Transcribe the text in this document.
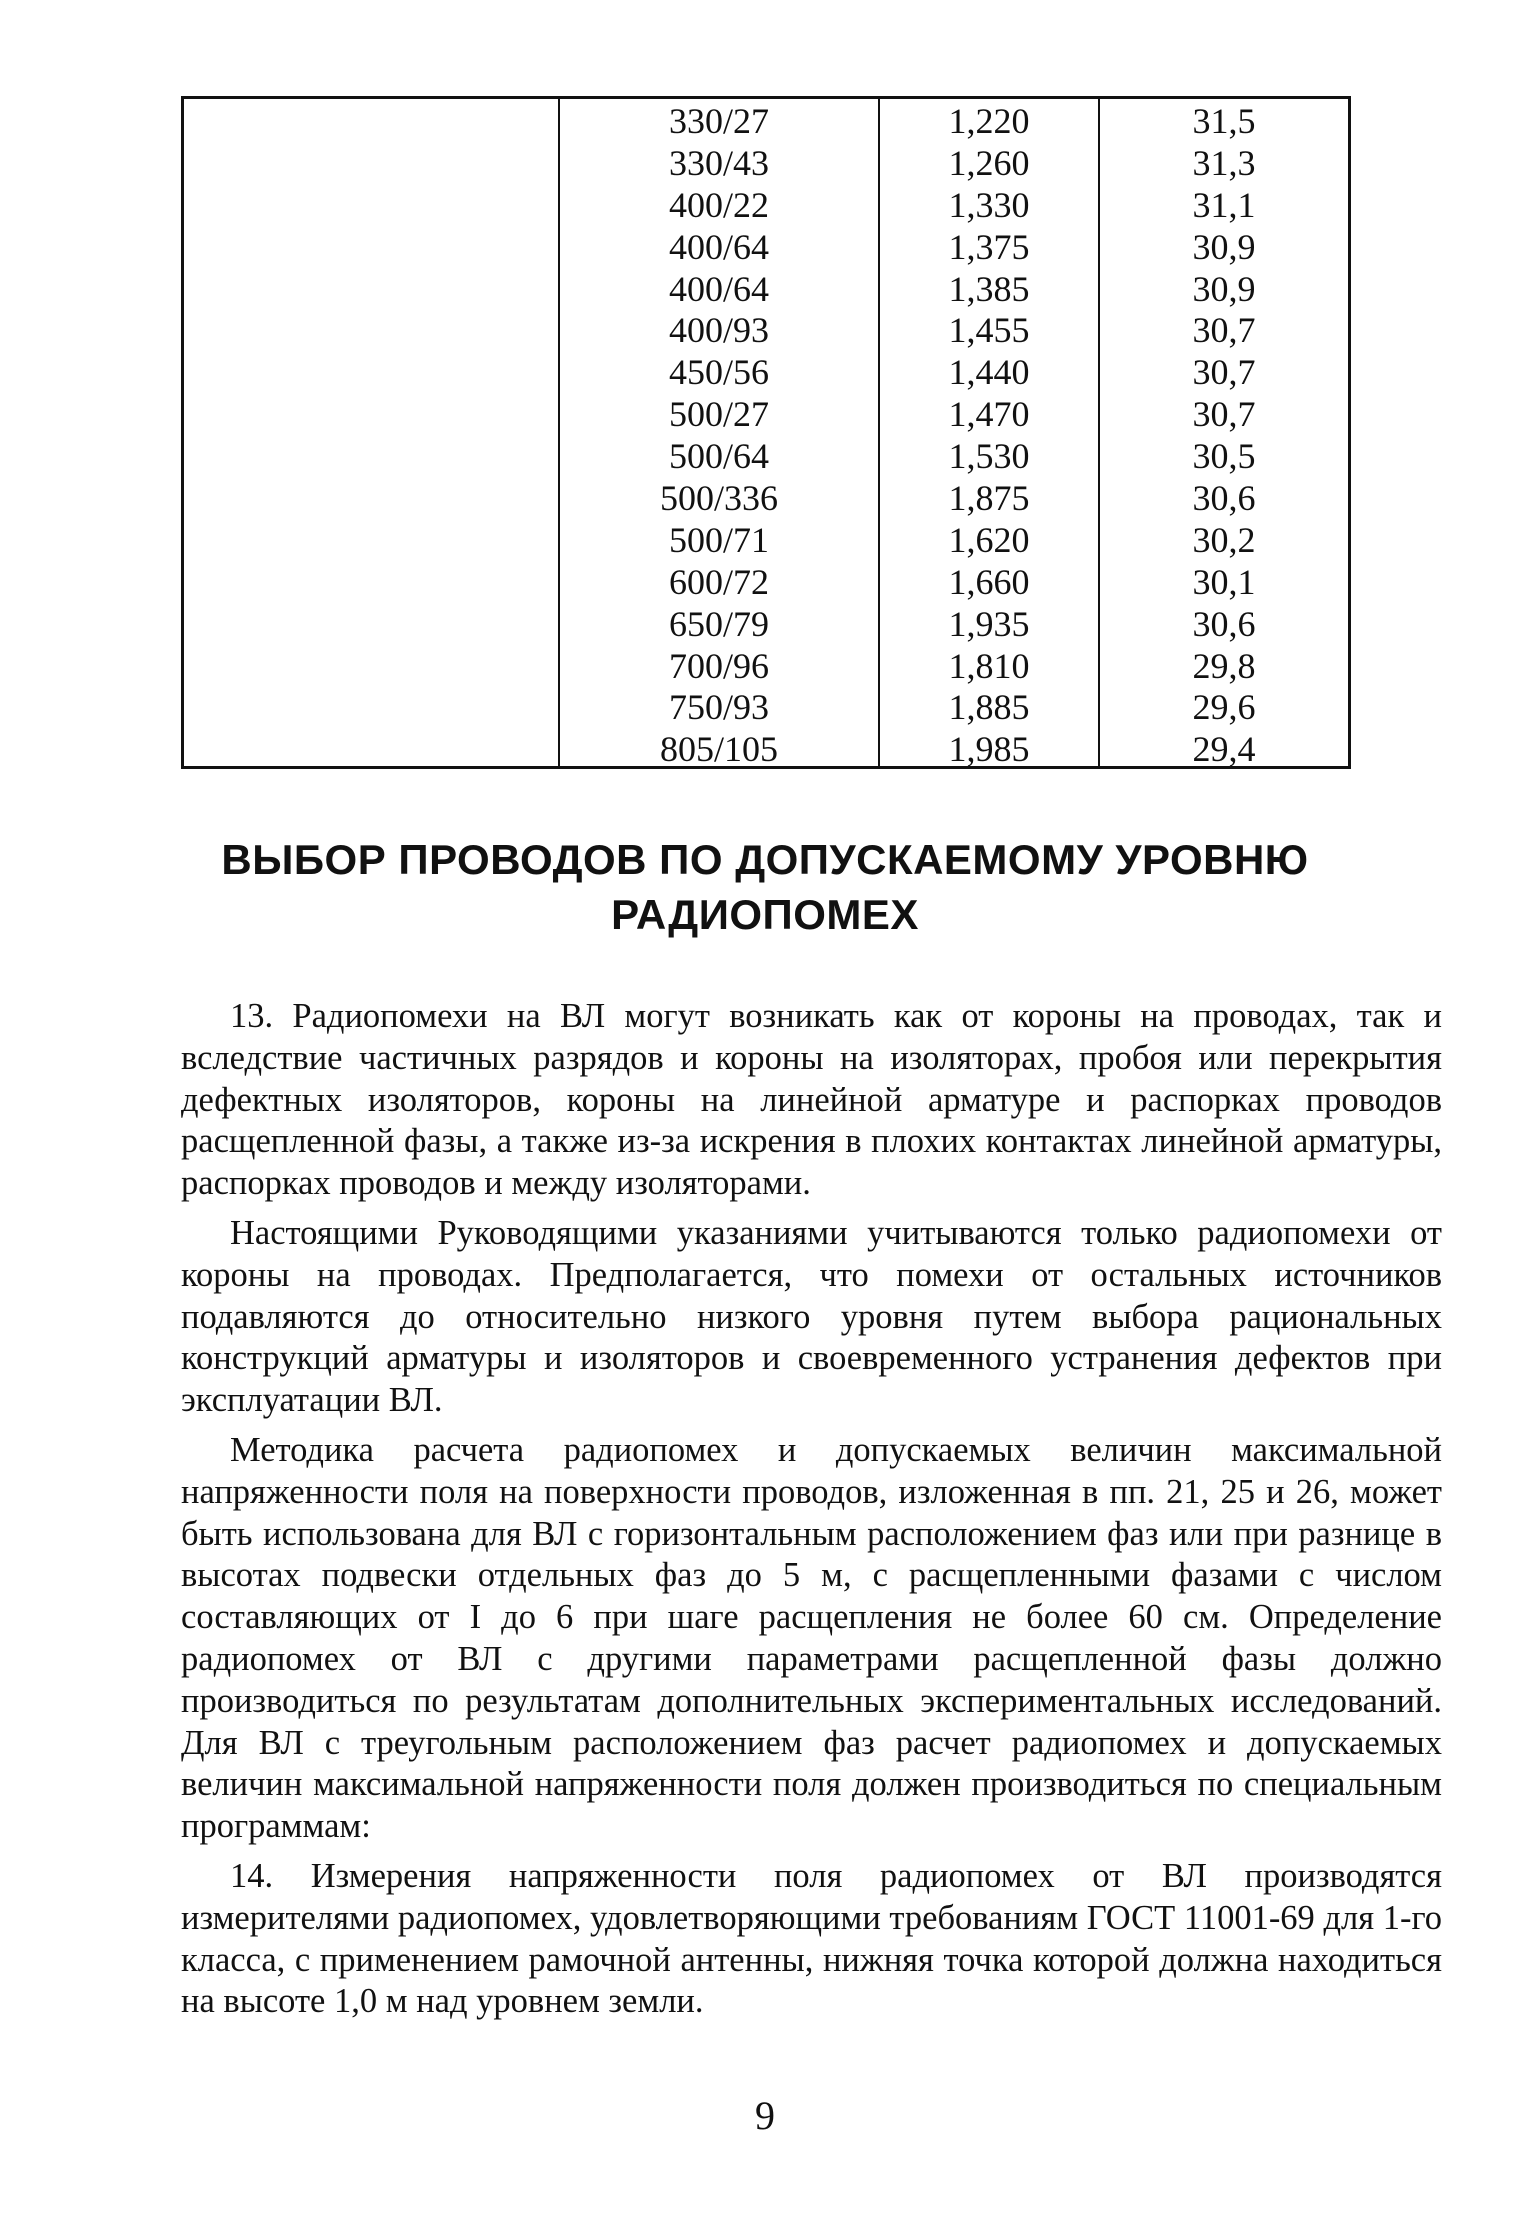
330/27
330/43
400/22
400/64
400/64
400/93
450/56
500/27
500/64
500/336
500/71
600/72
650/79
700/96
750/93
805/105
1,220
1,260
1,330
1,375
1,385
1,455
1,440
1,470
1,530
1,875
1,620
1,660
1,935
1,810
1,885
1,985
31,5
31,3
31,1
30,9
30,9
30,7
30,7
30,7
30,5
30,6
30,2
30,1
30,6
29,8
29,6
29,4
ВЫБОР ПРОВОДОВ ПО ДОПУСКАЕМОМУ УРОВНЮ
РАДИОПОМЕХ

13. Радиопомехи на ВЛ могут возникать как от короны на проводах, так и вследствие частичных разрядов и короны на изоляторах, пробоя или перекрытия дефектных изоляторов, короны на линейной арматуре и распорках проводов расщепленной фазы, а также из-за искрения в плохих контактах линейной арматуры, распорках проводов и между изоляторами.

Настоящими Руководящими указаниями учитываются только радиопомехи от короны на проводах. Предполагается, что помехи от остальных источников подавляются до относительно низкого уровня путем выбора рациональных конструкций арматуры и изоляторов и своевременного устранения дефектов при эксплуатации ВЛ.

Методика расчета радиопомех и допускаемых величин максимальной напряженности поля на поверхности проводов, изложенная в пп. 21, 25 и 26, может быть использована для ВЛ с горизонтальным расположением фаз или при разнице в высотах подвески отдельных фаз до 5 м, с расщепленными фазами с числом составляющих от I до 6 при шаге расщепления не более 60 см. Определение радиопомех от ВЛ с другими параметрами расщепленной фазы должно производиться по результатам дополнительных экспериментальных исследований. Для ВЛ с треугольным расположением фаз расчет радиопомех и допускаемых величин максимальной напряженности поля должен производиться по специальным программам:

14. Измерения напряженности поля радиопомех от ВЛ производятся измерителями радиопомех, удовлетворяющими требованиям ГОСТ 11001-69 для 1-го класса, с применением рамочной антенны, нижняя точка которой должна находиться на высоте 1,0 м над уровнем земли.

9
